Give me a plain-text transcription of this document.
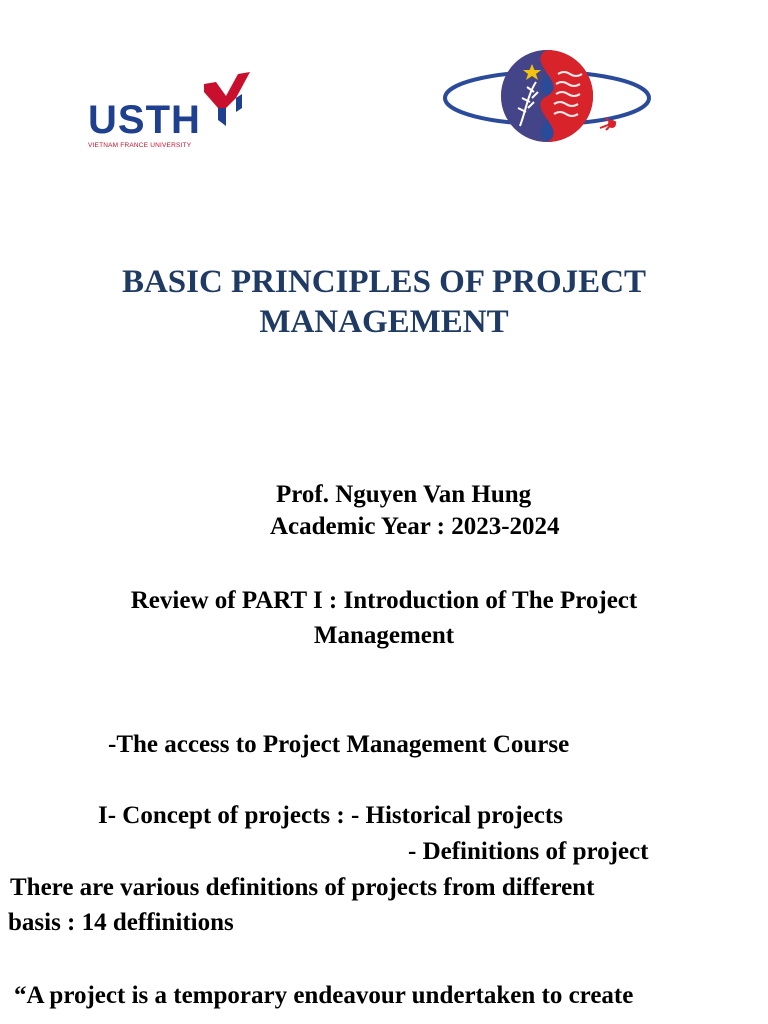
USTH
VIETNAM FRANCE UNIVERSITY
BASIC PRINCIPLES OF PROJECT
MANAGEMENT
Prof. Nguyen Van Hung
Academic Year : 2023-2024
Review of PART I : Introduction of The Project
Management
-The access to Project Management Course
I- Concept of projects : - Historical projects
- Definitions of project
There are various definitions of projects from different
basis : 14 deffinitions
“A project is a temporary endeavour undertaken to create
